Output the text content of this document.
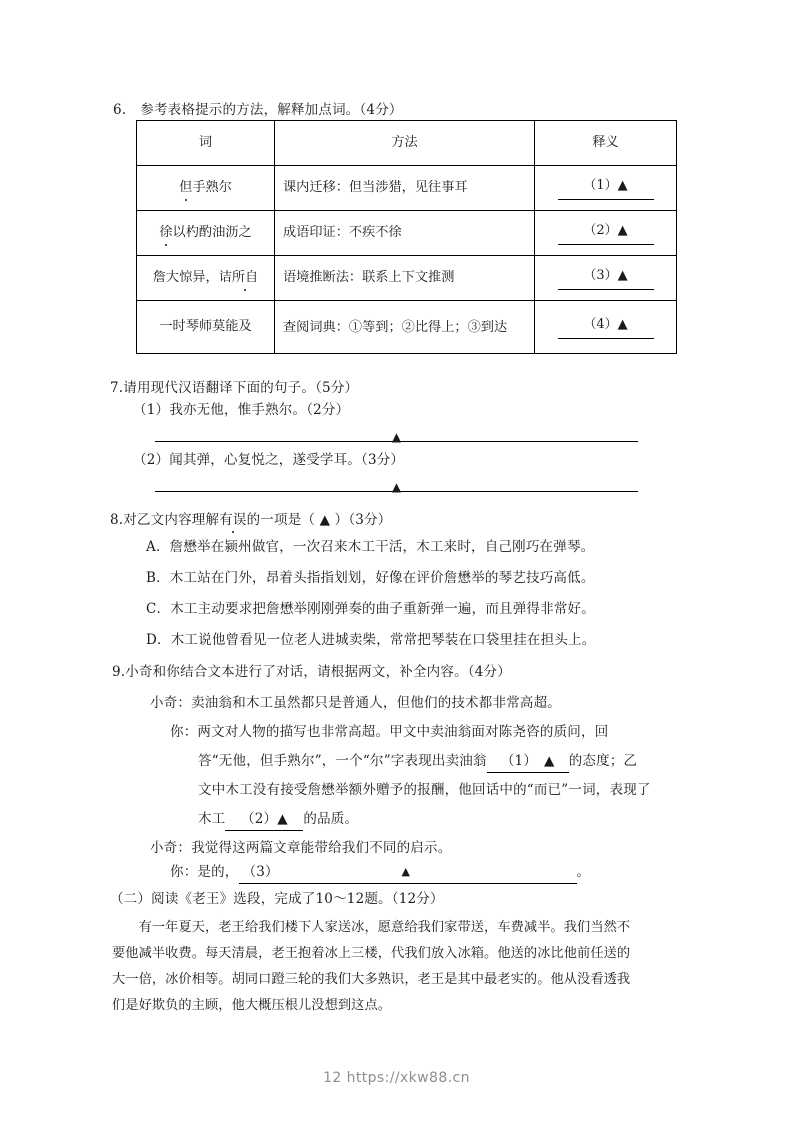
6. 参考表格提示的方法，解释加点词。（4分）
词	方法	释义
但手熟尔	课内迁移：但当涉猎，见往事耳	（1）▲
徐以杓酌油沥之	成语印证：不疾不徐	（2）▲
詹大惊异，诘所自	语境推断法：联系上下文推测	（3）▲
一时琴师莫能及	查阅词典：①等到；②比得上；③到达	（4）▲
7.请用现代汉语翻译下面的句子。（5分）
（1）我亦无他，惟手熟尔。（2分）
▲
（2）闻其弹，心复悦之，遂受学耳。（3分）
▲
8.对乙文内容理解有误的一项是（ ▲ ）（3分）
A．詹懋举在颍州做官，一次召来木工干活，木工来时，自己刚巧在弹琴。
B．木工站在门外，昂着头指指划划，好像在评价詹懋举的琴艺技巧高低。
C．木工主动要求把詹懋举刚刚弹奏的曲子重新弹一遍，而且弹得非常好。
D．木工说他曾看见一位老人进城卖柴，常常把琴装在口袋里挂在担头上。
9.小奇和你结合文本进行了对话，请根据两文，补全内容。（4分）
小奇：卖油翁和木工虽然都只是普通人，但他们的技术都非常高超。
你：两文对人物的描写也非常高超。甲文中卖油翁面对陈尧咨的质问，回
答“无他，但手熟尔”，一个“尔”字表现出卖油翁 （1）　▲ 的态度；乙
文中木工没有接受詹懋举额外赠予的报酬，他回话中的“而已”一词，表现了
木工 （2）▲ 的品质。
小奇：我觉得这两篇文章能带给我们不同的启示。
你：是的， （3）	▲	。
（二）阅读《老王》选段，完成了10～12题。（12分）
　　有一年夏天，老王给我们楼下人家送冰，愿意给我们家带送，车费减半。我们当然不
要他减半收费。每天清晨，老王抱着冰上三楼，代我们放入冰箱。他送的冰比他前任送的
大一倍，冰价相等。胡同口蹬三轮的我们大多熟识，老王是其中最老实的。他从没看透我
们是好欺负的主顾，他大概压根儿没想到这点。
12 https://xkw88.cn
